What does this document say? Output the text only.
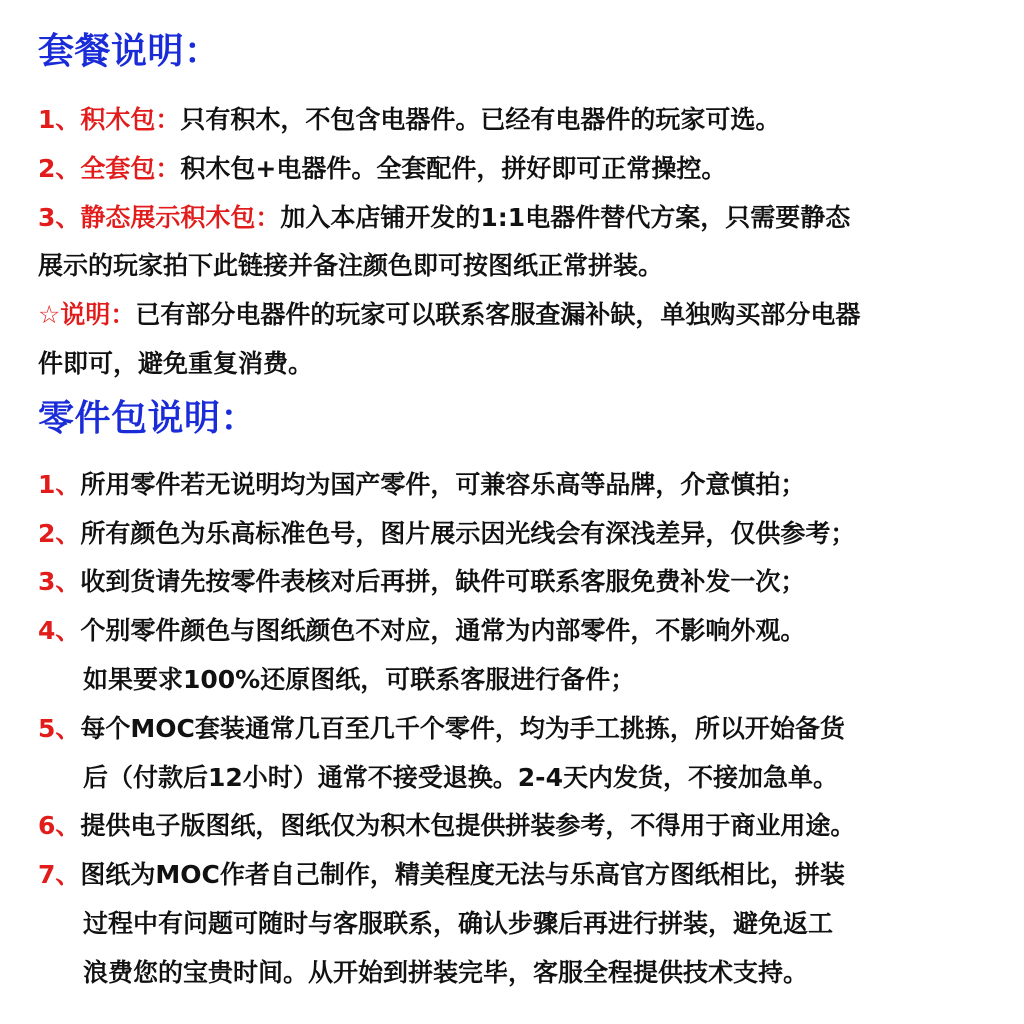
套餐说明：
1、积木包：只有积木，不包含电器件。已经有电器件的玩家可选。
2、全套包：积木包+电器件。全套配件，拼好即可正常操控。
3、静态展示积木包：加入本店铺开发的1:1电器件替代方案，只需要静态
展示的玩家拍下此链接并备注颜色即可按图纸正常拼装。
☆说明：已有部分电器件的玩家可以联系客服查漏补缺，单独购买部分电器
件即可，避免重复消费。
零件包说明：
1、所用零件若无说明均为国产零件，可兼容乐高等品牌，介意慎拍；
2、所有颜色为乐高标准色号，图片展示因光线会有深浅差异，仅供参考；
3、收到货请先按零件表核对后再拼，缺件可联系客服免费补发一次；
4、个别零件颜色与图纸颜色不对应，通常为内部零件，不影响外观。
如果要求100%还原图纸，可联系客服进行备件；
5、每个MOC套装通常几百至几千个零件，均为手工挑拣，所以开始备货
后（付款后12小时）通常不接受退换。2-4天内发货，不接加急单。
6、提供电子版图纸，图纸仅为积木包提供拼装参考，不得用于商业用途。
7、图纸为MOC作者自己制作，精美程度无法与乐高官方图纸相比，拼装
过程中有问题可随时与客服联系，确认步骤后再进行拼装，避免返工
浪费您的宝贵时间。从开始到拼装完毕，客服全程提供技术支持。
